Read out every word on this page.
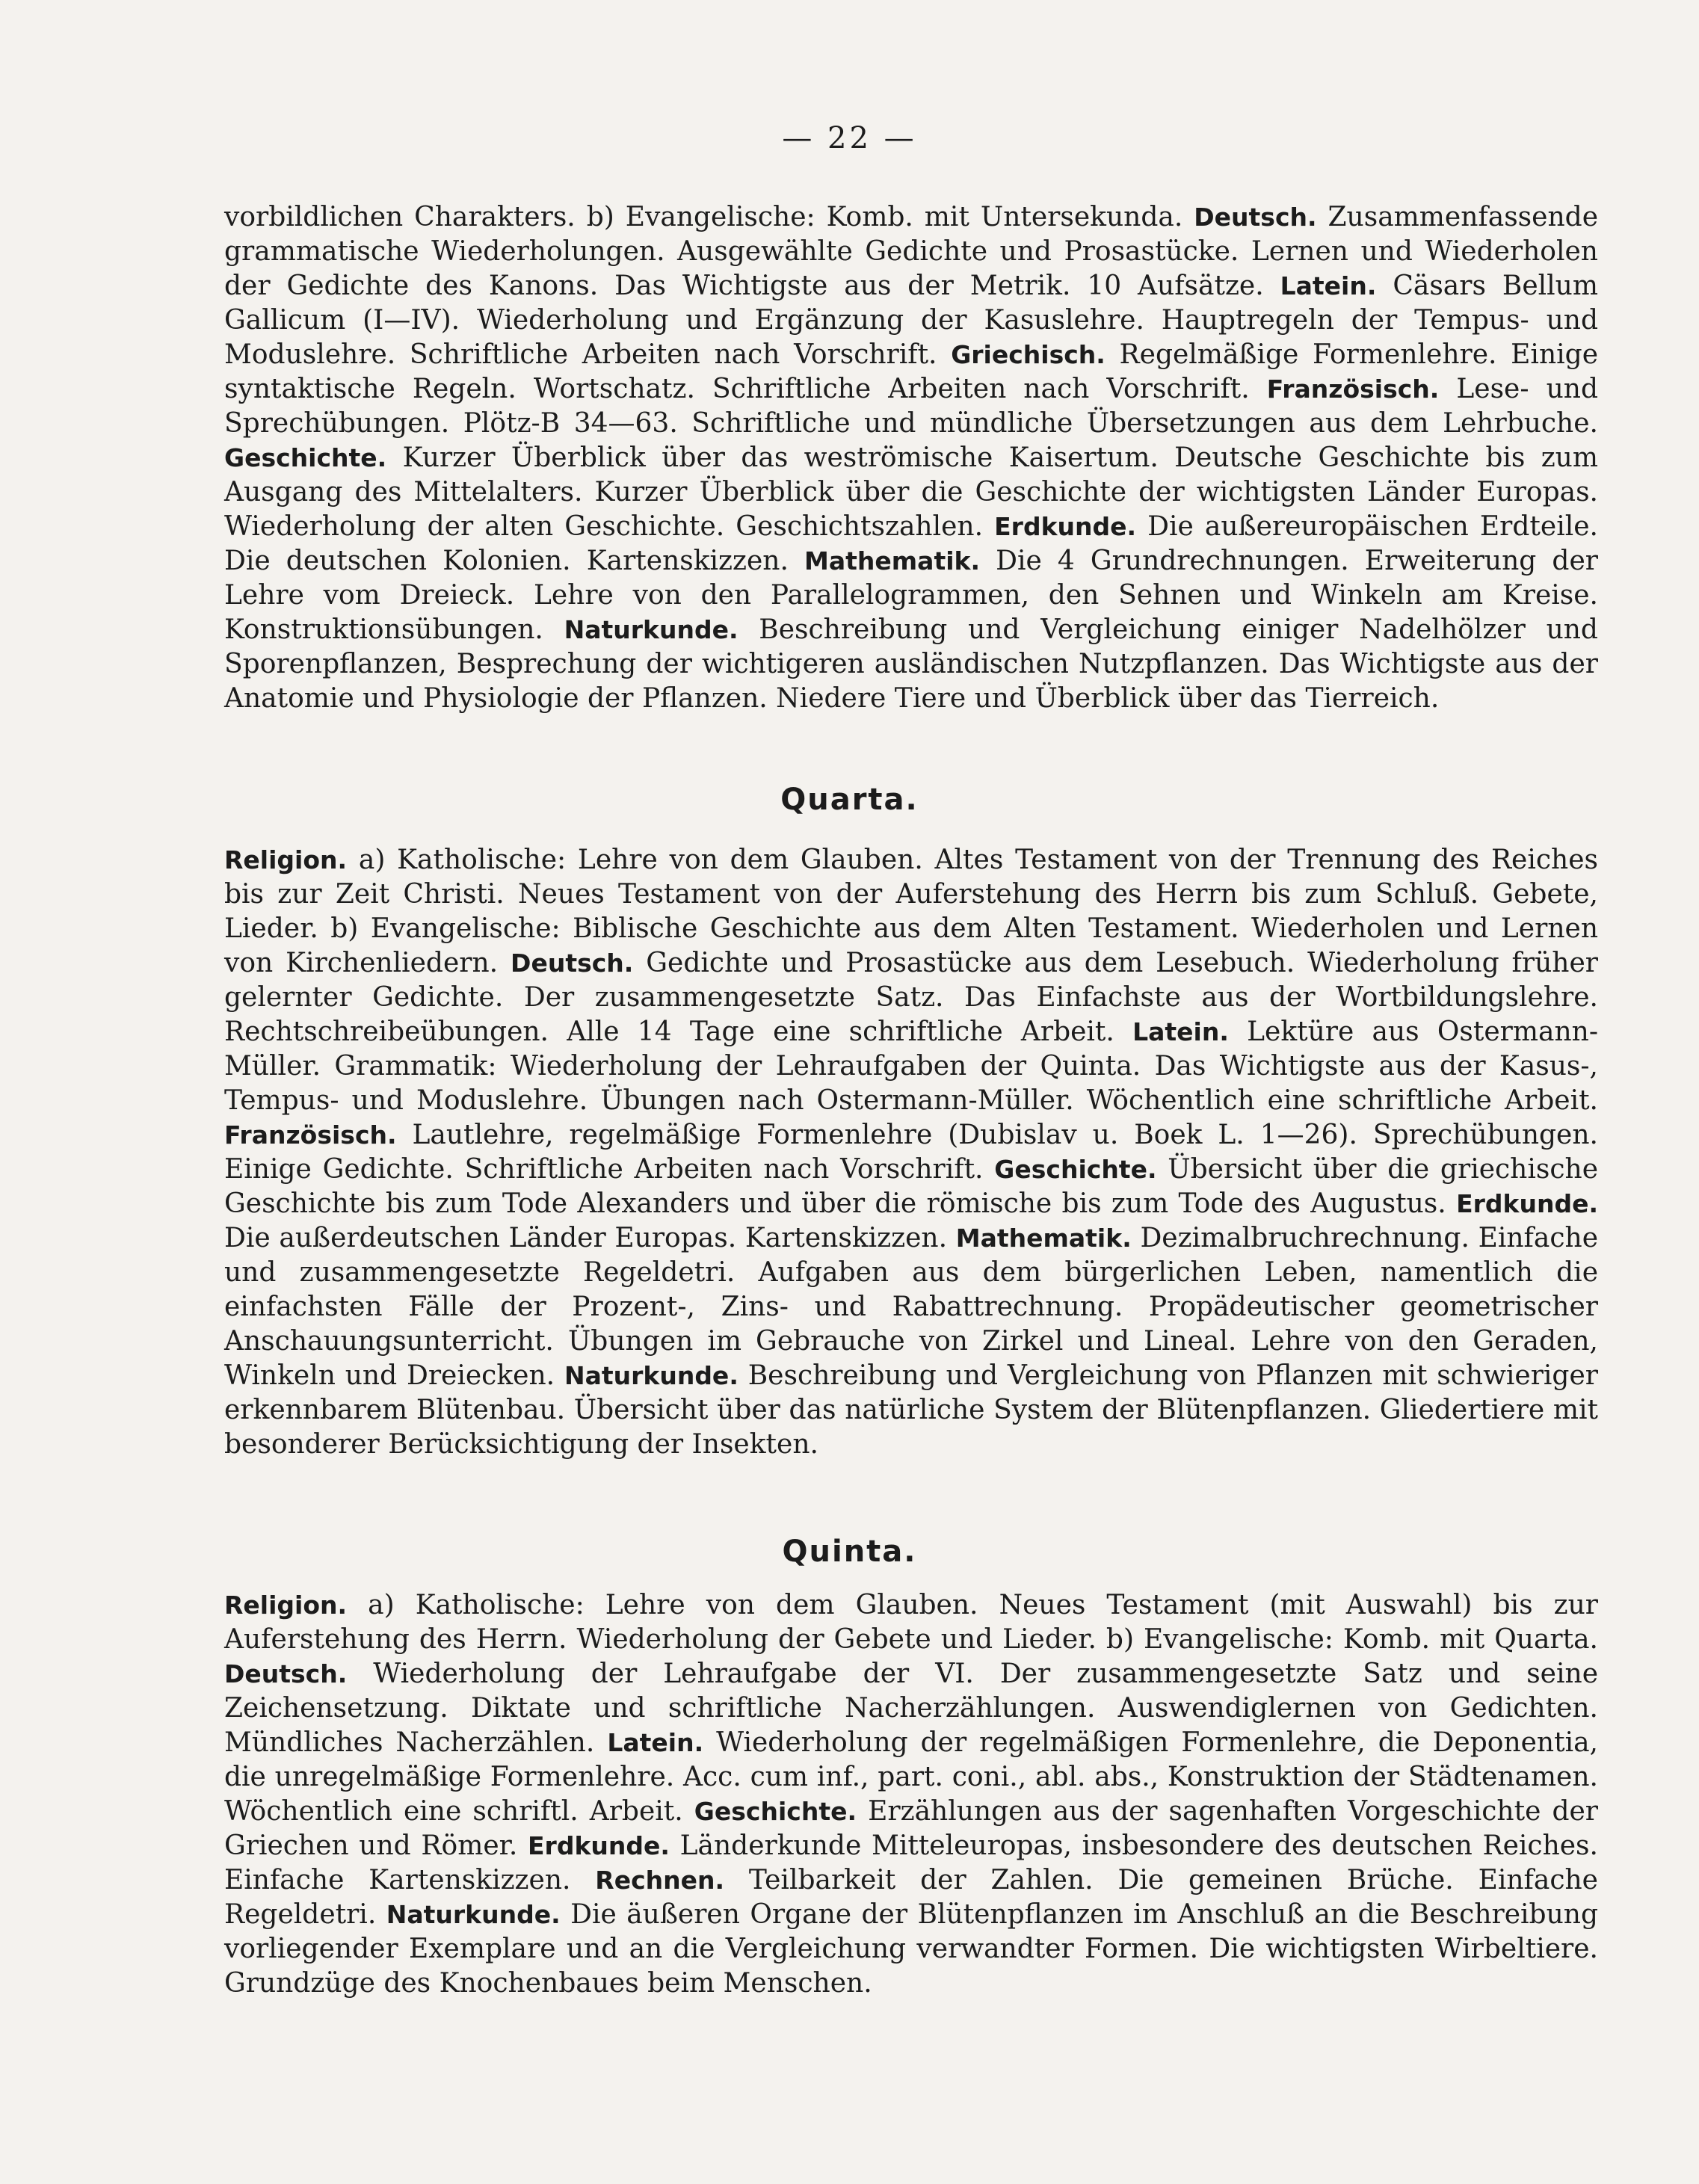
— 22 —

vorbildlichen Charakters. b) Evangelische: Komb. mit Untersekunda. Deutsch. Zusammenfassende grammatische Wiederholungen. Ausgewählte Gedichte und Prosastücke. Lernen und Wiederholen der Gedichte des Kanons. Das Wichtigste aus der Metrik. 10 Aufsätze. Latein. Cäsars Bellum Gallicum (I—IV). Wiederholung und Ergänzung der Kasuslehre. Hauptregeln der Tempus- und Moduslehre. Schriftliche Arbeiten nach Vorschrift. Griechisch. Regelmäßige Formenlehre. Einige syntaktische Regeln. Wortschatz. Schriftliche Arbeiten nach Vorschrift. Französisch. Lese- und Sprechübungen. Plötz-B 34—63. Schriftliche und mündliche Übersetzungen aus dem Lehrbuche. Geschichte. Kurzer Überblick über das weströmische Kaisertum. Deutsche Geschichte bis zum Ausgang des Mittelalters. Kurzer Überblick über die Geschichte der wichtigsten Länder Europas. Wiederholung der alten Geschichte. Geschichtszahlen. Erdkunde. Die außereuropäischen Erdteile. Die deutschen Kolonien. Kartenskizzen. Mathematik. Die 4 Grundrechnungen. Erweiterung der Lehre vom Dreieck. Lehre von den Parallelogrammen, den Sehnen und Winkeln am Kreise. Konstruktionsübungen. Naturkunde. Beschreibung und Vergleichung einiger Nadelhölzer und Sporenpflanzen, Besprechung der wichtigeren ausländischen Nutzpflanzen. Das Wichtigste aus der Anatomie und Physiologie der Pflanzen. Niedere Tiere und Überblick über das Tierreich.

Quarta.

Religion. a) Katholische: Lehre von dem Glauben. Altes Testament von der Trennung des Reiches bis zur Zeit Christi. Neues Testament von der Auferstehung des Herrn bis zum Schluß. Gebete, Lieder. b) Evangelische: Biblische Geschichte aus dem Alten Testament. Wiederholen und Lernen von Kirchenliedern. Deutsch. Gedichte und Prosastücke aus dem Lesebuch. Wiederholung früher gelernter Gedichte. Der zusammengesetzte Satz. Das Einfachste aus der Wortbildungslehre. Rechtschreibeübungen. Alle 14 Tage eine schriftliche Arbeit. Latein. Lektüre aus Ostermann-Müller. Grammatik: Wiederholung der Lehraufgaben der Quinta. Das Wichtigste aus der Kasus-, Tempus- und Moduslehre. Übungen nach Ostermann-Müller. Wöchentlich eine schriftliche Arbeit. Französisch. Lautlehre, regelmäßige Formenlehre (Dubislav u. Boek L. 1—26). Sprechübungen. Einige Gedichte. Schriftliche Arbeiten nach Vorschrift. Geschichte. Übersicht über die griechische Geschichte bis zum Tode Alexanders und über die römische bis zum Tode des Augustus. Erdkunde. Die außerdeutschen Länder Europas. Kartenskizzen. Mathematik. Dezimalbruchrechnung. Einfache und zusammengesetzte Regeldetri. Aufgaben aus dem bürgerlichen Leben, namentlich die einfachsten Fälle der Prozent-, Zins- und Rabattrechnung. Propädeutischer geometrischer Anschauungsunterricht. Übungen im Gebrauche von Zirkel und Lineal. Lehre von den Geraden, Winkeln und Dreiecken. Naturkunde. Beschreibung und Vergleichung von Pflanzen mit schwieriger erkennbarem Blütenbau. Übersicht über das natürliche System der Blütenpflanzen. Gliedertiere mit besonderer Berücksichtigung der Insekten.

Quinta.

Religion. a) Katholische: Lehre von dem Glauben. Neues Testament (mit Auswahl) bis zur Auferstehung des Herrn. Wiederholung der Gebete und Lieder. b) Evangelische: Komb. mit Quarta. Deutsch. Wiederholung der Lehraufgabe der VI. Der zusammengesetzte Satz und seine Zeichensetzung. Diktate und schriftliche Nacherzählungen. Auswendiglernen von Gedichten. Mündliches Nacherzählen. Latein. Wiederholung der regelmäßigen Formenlehre, die Deponentia, die unregelmäßige Formenlehre. Acc. cum inf., part. coni., abl. abs., Konstruktion der Städtenamen. Wöchentlich eine schriftl. Arbeit. Geschichte. Erzählungen aus der sagenhaften Vorgeschichte der Griechen und Römer. Erdkunde. Länderkunde Mitteleuropas, insbesondere des deutschen Reiches. Einfache Kartenskizzen. Rechnen. Teilbarkeit der Zahlen. Die gemeinen Brüche. Einfache Regeldetri. Naturkunde. Die äußeren Organe der Blütenpflanzen im Anschluß an die Beschreibung vorliegender Exemplare und an die Vergleichung verwandter Formen. Die wichtigsten Wirbeltiere. Grundzüge des Knochenbaues beim Menschen.
